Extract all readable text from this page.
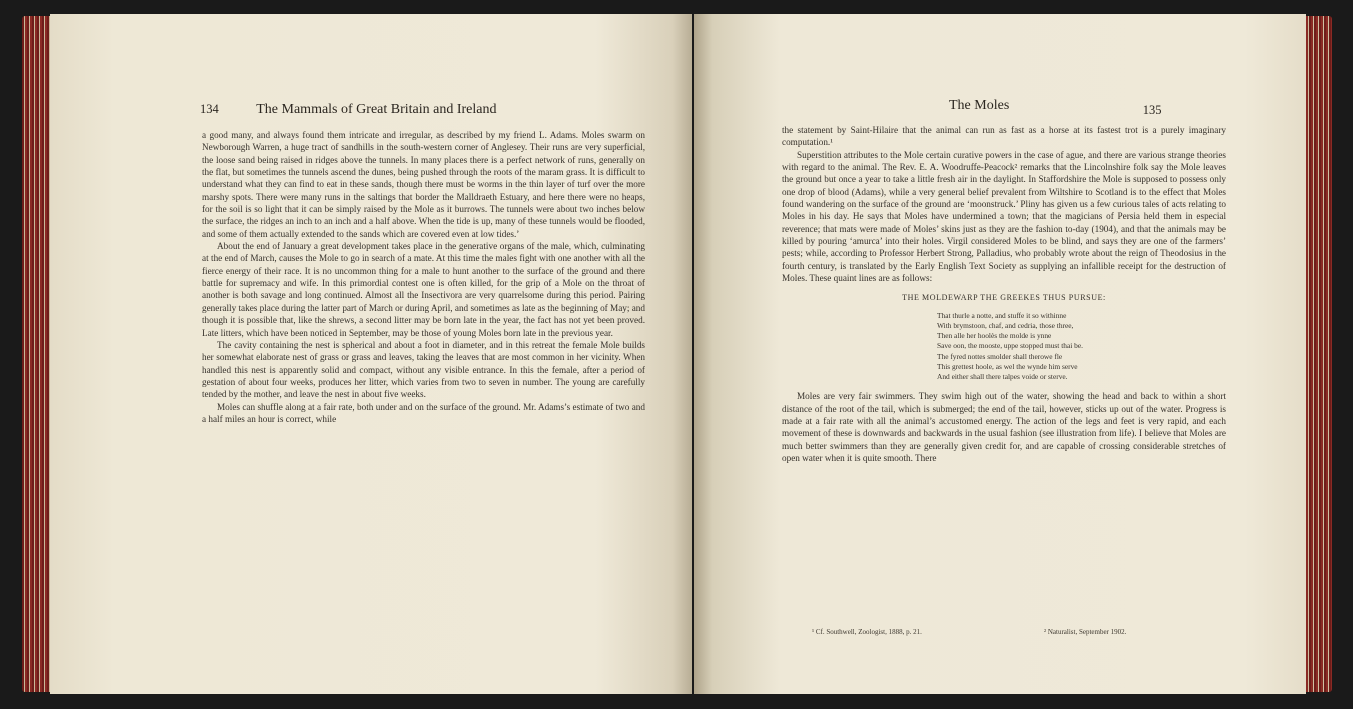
134	The Mammals of Great Britain and Ireland

a good many, and always found them intricate and irregular, as described by my friend L. Adams. Moles swarm on Newborough Warren, a huge tract of sandhills in the south-western corner of Anglesey. Their runs are very superficial, the loose sand being raised in ridges above the tunnels. In many places there is a perfect network of runs, generally on the flat, but sometimes the tunnels ascend the dunes, being pushed through the roots of the maram grass. It is difficult to understand what they can find to eat in these sands, though there must be worms in the thin layer of turf over the more marshy spots. There were many runs in the saltings that border the Malldraeth Estuary, and here there were no heaps, for the soil is so light that it can be simply raised by the Mole as it burrows. The tunnels were about two inches below the surface, the ridges an inch to an inch and a half above. When the tide is up, many of these tunnels would be flooded, and some of them actually extended to the sands which are covered even at low tides.’

About the end of January a great development takes place in the generative organs of the male, which, culminating at the end of March, causes the Mole to go in search of a mate. At this time the males fight with one another with all the fierce energy of their race. It is no uncommon thing for a male to hunt another to the surface of the ground and there battle for supremacy and wife. In this primordial contest one is often killed, for the grip of a Mole on the throat of another is both savage and long continued. Almost all the Insectivora are very quarrelsome during this period. Pairing generally takes place during the latter part of March or during April, and sometimes as late as the beginning of May; and though it is possible that, like the shrews, a second litter may be born late in the year, the fact has not yet been proved. Late litters, which have been noticed in September, may be those of young Moles born late in the previous year.

The cavity containing the nest is spherical and about a foot in diameter, and in this retreat the female Mole builds her somewhat elaborate nest of grass or grass and leaves, taking the leaves that are most common in her vicinity. When handled this nest is apparently solid and compact, without any visible entrance. In this the female, after a period of gestation of about four weeks, produces her litter, which varies from two to seven in number. The young are carefully tended by the mother, and leave the nest in about five weeks.

Moles can shuffle along at a fair rate, both under and on the surface of the ground. Mr. Adams’s estimate of two and a half miles an hour is correct, while

The Moles	135

the statement by Saint-Hilaire that the animal can run as fast as a horse at its fastest trot is a purely imaginary computation.¹

Superstition attributes to the Mole certain curative powers in the case of ague, and there are various strange theories with regard to the animal. The Rev. E. A. Woodruffe-Peacock² remarks that the Lincolnshire folk say the Mole leaves the ground but once a year to take a little fresh air in the daylight. In Staffordshire the Mole is supposed to possess only one drop of blood (Adams), while a very general belief prevalent from Wiltshire to Scotland is to the effect that Moles found wandering on the surface of the ground are ‘moonstruck.’ Pliny has given us a few curious tales of acts relating to Moles in his day. He says that Moles have undermined a town; that the magicians of Persia held them in especial reverence; that mats were made of Moles’ skins just as they are the fashion to-day (1904), and that the animals may be killed by pouring ‘amurca’ into their holes. Virgil considered Moles to be blind, and says they are one of the farmers’ pests; while, according to Professor Herbert Strong, Palladius, who probably wrote about the reign of Theodosius in the fourth century, is translated by the Early English Text Society as supplying an infallible receipt for the destruction of Moles. These quaint lines are as follows:

THE MOLDEWARP THE GREEKES THUS PURSUE:
That thurle a notte, and stuffe it so withinne
With brymstoon, chaf, and cedria, those three,
Then alle her hoolès the molde is ynne
Save oon, the mooste, uppe stopped must thai be.
The fyred nottes smolder shall therowe fle
This grettest hoole, as wel the wynde him serve
And either shall there talpes voide or sterve.

Moles are very fair swimmers. They swim high out of the water, showing the head and back to within a short distance of the root of the tail, which is submerged; the end of the tail, however, sticks up out of the water. Progress is made at a fair rate with all the animal’s accustomed energy. The action of the legs and feet is very rapid, and each movement of these is downwards and backwards in the usual fashion (see illustration from life). I believe that Moles are much better swimmers than they are generally given credit for, and are capable of crossing considerable stretches of open water when it is quite smooth. There

¹ Cf. Southwell, Zoologist, 1888, p. 21.	² Naturalist, September 1902.
